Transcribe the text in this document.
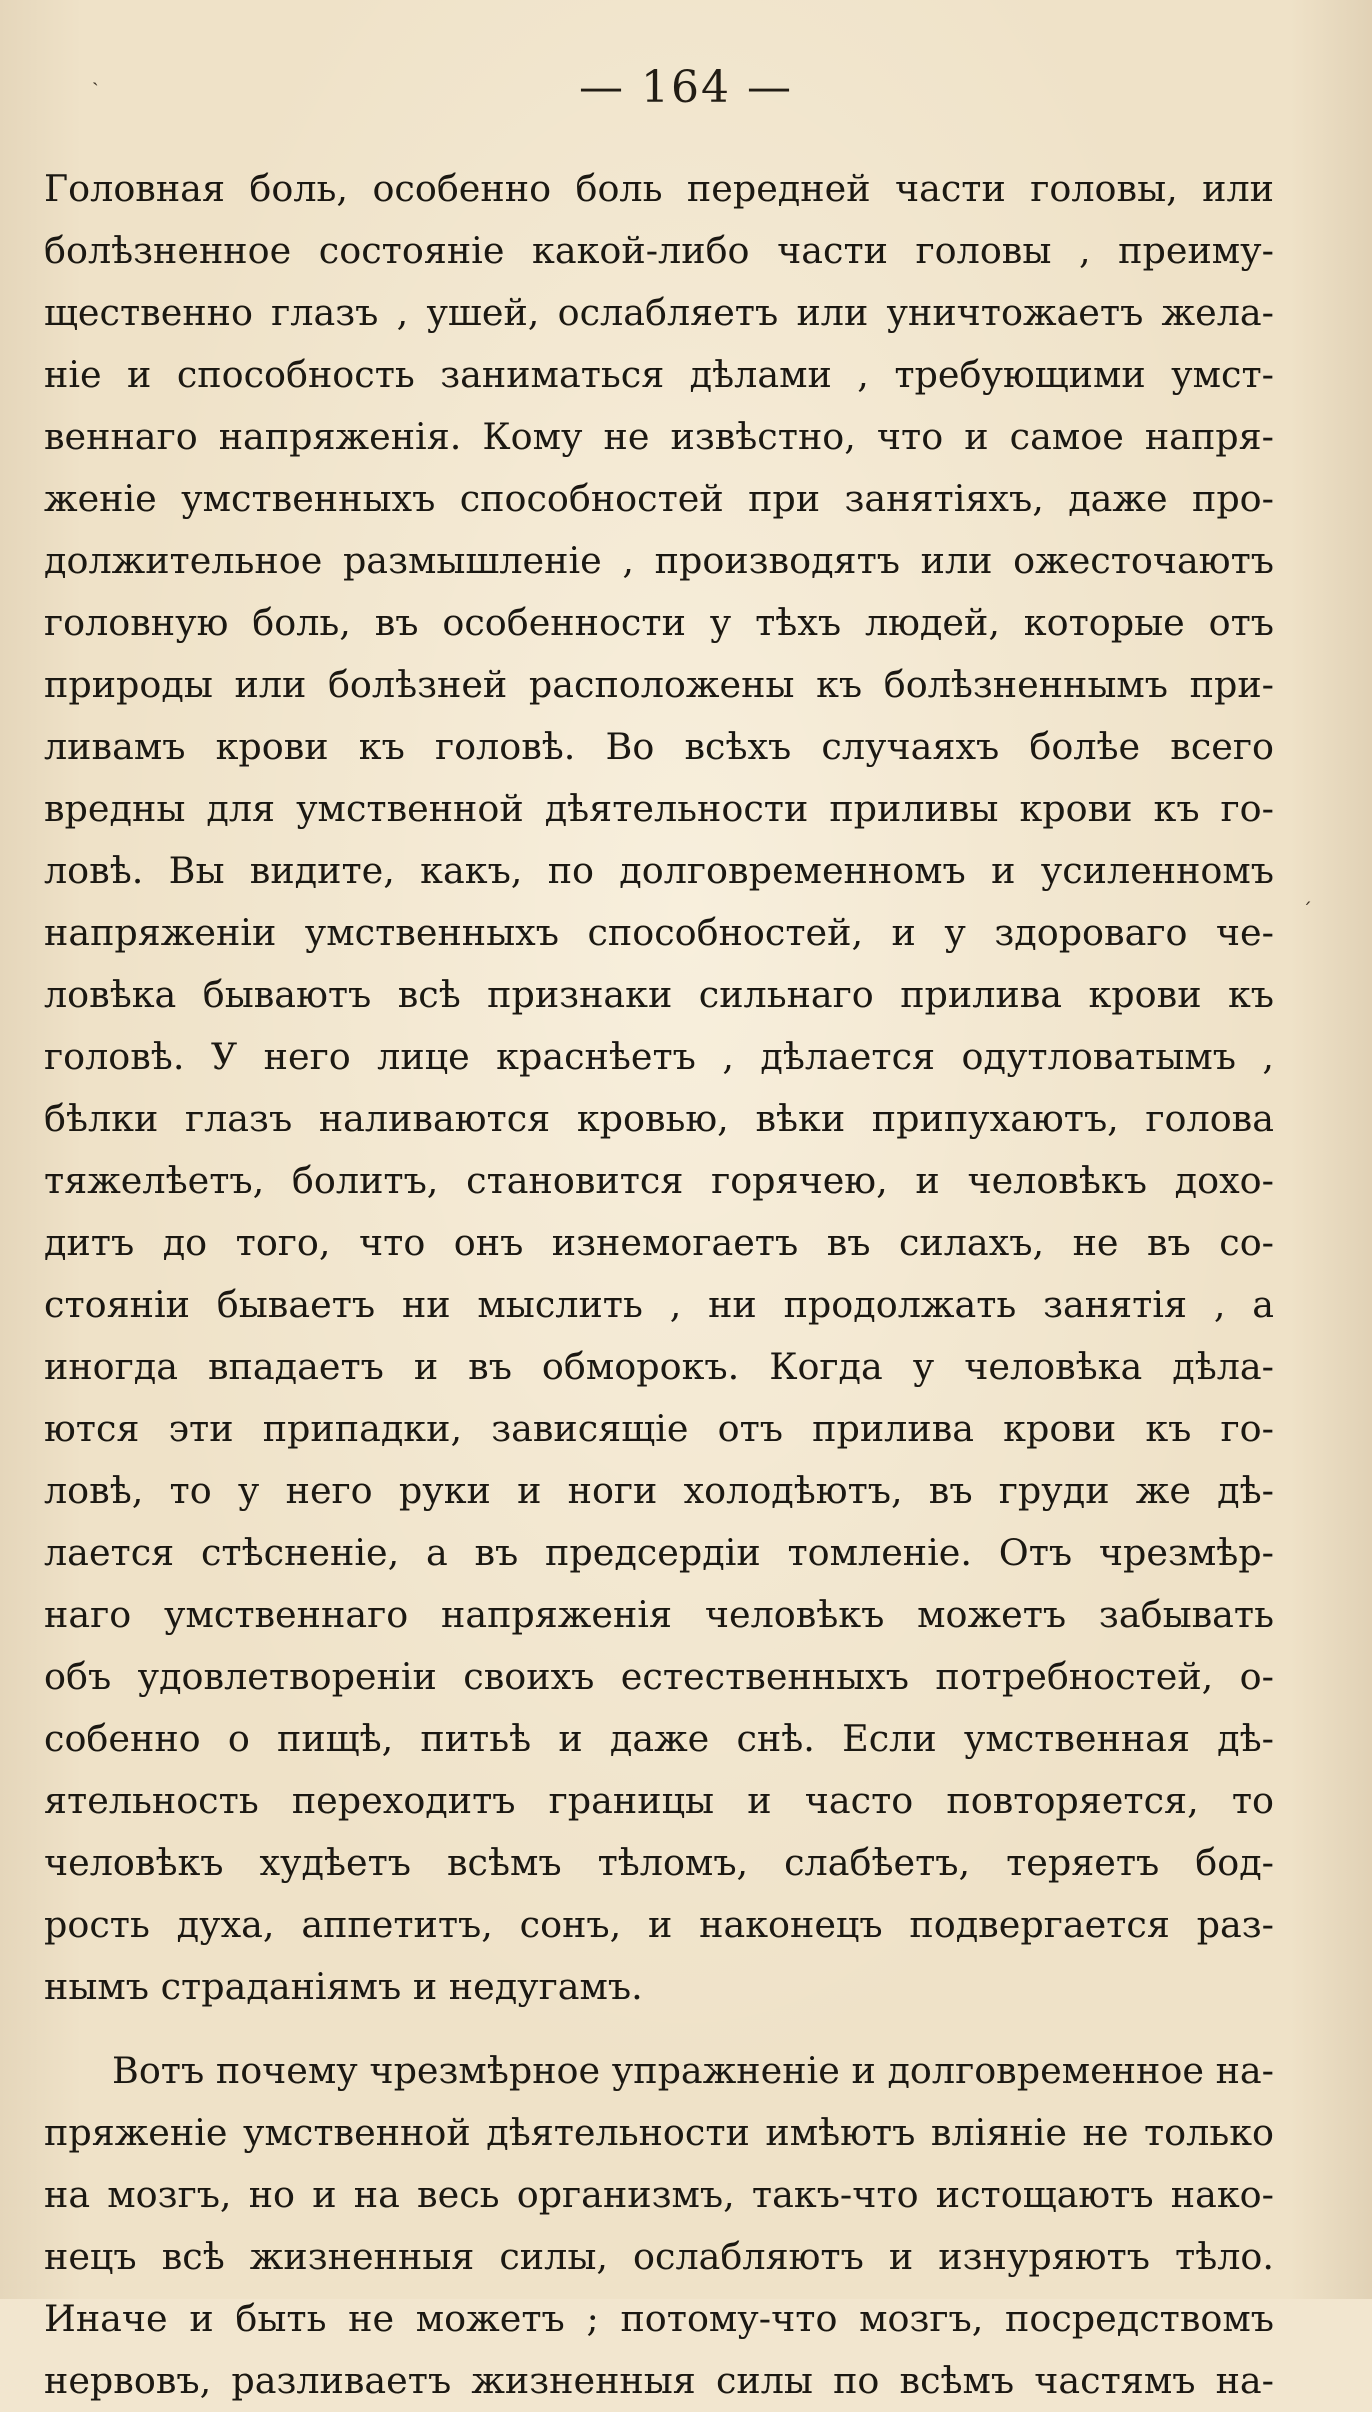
ˏ
ˊ
— 164 —
Головная боль, особенно боль передней части головы, или
болѣзненное состояніе какой-либо части головы , преиму-
щественно глазъ , ушей, ослабляетъ или уничтожаетъ жела-
ніе и способность заниматься дѣлами , требующими умст-
веннаго напряженія. Кому не извѣстно, что и самое напря-
женіе умственныхъ способностей при занятіяхъ, даже про-
должительное размышленіе , производятъ или ожесточаютъ
головную боль, въ особенности у тѣхъ людей, которые отъ
природы или болѣзней расположены къ болѣзненнымъ при-
ливамъ крови къ головѣ. Во всѣхъ случаяхъ болѣе всего
вредны для умственной дѣятельности приливы крови къ го-
ловѣ. Вы видите, какъ, по долговременномъ и усиленномъ
напряженіи умственныхъ способностей, и у здороваго че-
ловѣка бываютъ всѣ признаки сильнаго прилива крови къ
головѣ. У него лице краснѣетъ , дѣлается одутловатымъ ,
бѣлки глазъ наливаются кровью, вѣки припухаютъ, голова
тяжелѣетъ, болитъ, становится горячею, и человѣкъ дохо-
дитъ до того, что онъ изнемогаетъ въ силахъ, не въ со-
стояніи бываетъ ни мыслить , ни продолжать занятія , а
иногда впадаетъ и въ обморокъ. Когда у человѣка дѣла-
ются эти припадки, зависящіе отъ прилива крови къ го-
ловѣ, то у него руки и ноги холодѣютъ, въ груди же дѣ-
лается стѣсненіе, а въ предсердіи томленіе. Отъ чрезмѣр-
наго умственнаго напряженія человѣкъ можетъ забывать
объ удовлетвореніи своихъ естественныхъ потребностей, о-
собенно о пищѣ, питьѣ и даже снѣ. Если умственная дѣ-
ятельность переходитъ границы и часто повторяется, то
человѣкъ худѣетъ всѣмъ тѣломъ, слабѣетъ, теряетъ бод-
рость духа, аппетитъ, сонъ, и наконецъ подвергается раз-
нымъ страданіямъ и недугамъ.
Вотъ почему чрезмѣрное упражненіе и долговременное на-
пряженіе умственной дѣятельности имѣютъ вліяніе не только
на мозгъ, но и на весь организмъ, такъ-что истощаютъ нако-
нецъ всѣ жизненныя силы, ослабляютъ и изнуряютъ тѣло.
Иначе и быть не можетъ ; потому-что мозгъ, посредствомъ
нервовъ, разливаетъ жизненныя силы по всѣмъ частямъ на-
